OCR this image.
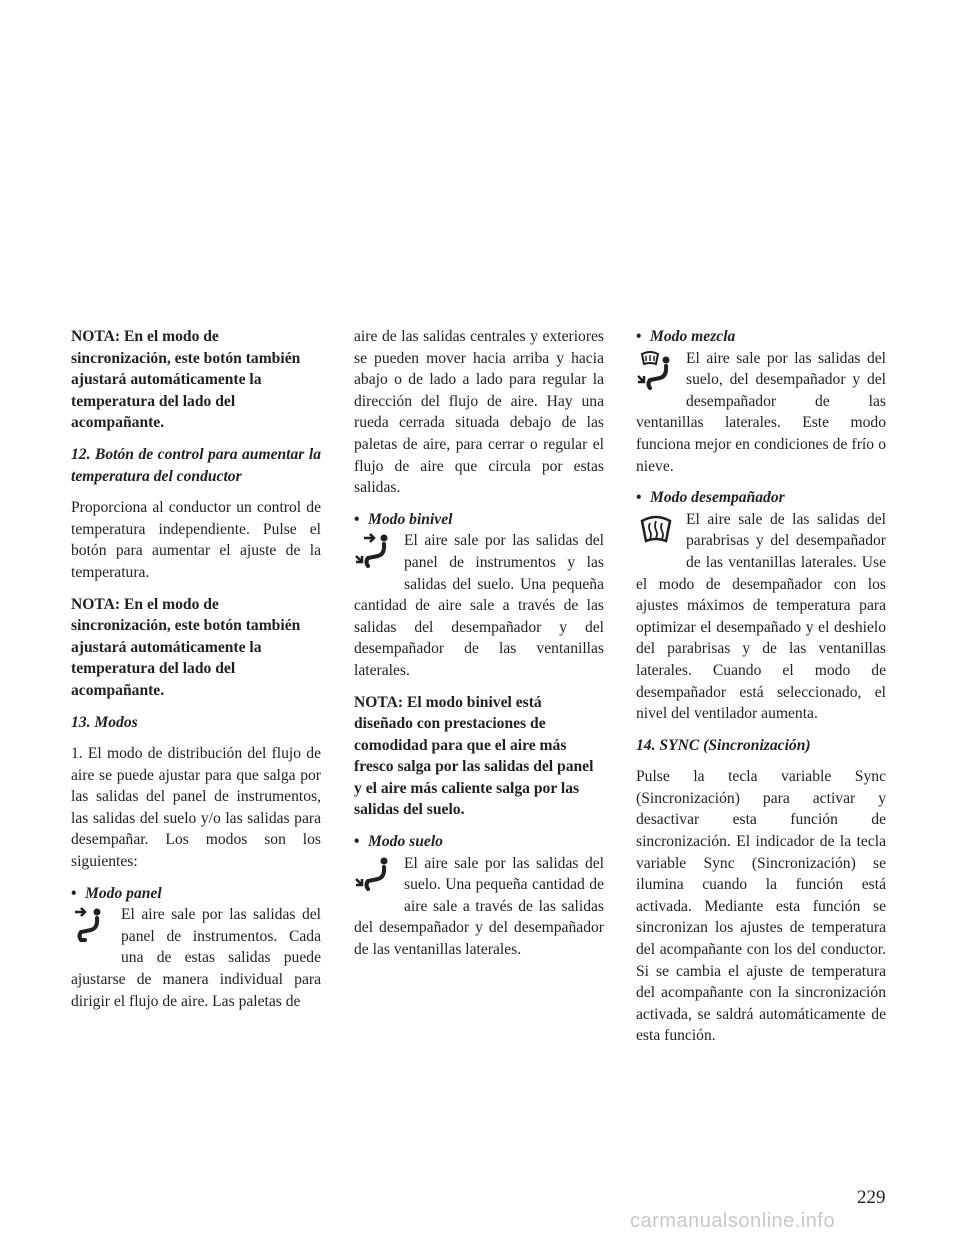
NOTA: En el modo de sincronización, este botón también ajustará automáticamente la temperatura del lado del acompañante.

12. Botón de control para aumentar la temperatura del conductor

Proporciona al conductor un control de temperatura independiente. Pulse el botón para aumentar el ajuste de la temperatura.

NOTA: En el modo de sincronización, este botón también ajustará automáticamente la temperatura del lado del acompañante.

13. Modos

1. El modo de distribución del flujo de aire se puede ajustar para que salga por las salidas del panel de instrumentos, las salidas del suelo y/o las salidas para desempañar. Los modos son los siguientes:

• Modo panel

El aire sale por las salidas del panel de instrumentos. Cada una de estas salidas puede ajustarse de manera individual para dirigir el flujo de aire. Las paletas de

aire de las salidas centrales y exteriores se pueden mover hacia arriba y hacia abajo o de lado a lado para regular la dirección del flujo de aire. Hay una rueda cerrada situada debajo de las paletas de aire, para cerrar o regular el flujo de aire que circula por estas salidas.

• Modo binivel

El aire sale por las salidas del panel de instrumentos y las salidas del suelo. Una pequeña cantidad de aire sale a través de las salidas del desempañador y del desempañador de las ventanillas laterales.

NOTA: El modo binivel está diseñado con prestaciones de comodidad para que el aire más fresco salga por las salidas del panel y el aire más caliente salga por las salidas del suelo.

• Modo suelo

El aire sale por las salidas del suelo. Una pequeña cantidad de aire sale a través de las salidas del desempañador y del desempañador de las ventanillas laterales.

• Modo mezcla

El aire sale por las salidas del suelo, del desempañador y del desempañador de las ventanillas laterales. Este modo funciona mejor en condiciones de frío o nieve.

• Modo desempañador

El aire sale de las salidas del parabrisas y del desempañador de las ventanillas laterales. Use el modo de desempañador con los ajustes máximos de temperatura para optimizar el desempañado y el deshielo del parabrisas y de las ventanillas laterales. Cuando el modo de desempañador está seleccionado, el nivel del ventilador aumenta.

14. SYNC (Sincronización)

Pulse la tecla variable Sync (Sincronización) para activar y desactivar esta función de sincronización. El indicador de la tecla variable Sync (Sincronización) se ilumina cuando la función está activada. Mediante esta función se sincronizan los ajustes de temperatura del acompañante con los del conductor. Si se cambia el ajuste de temperatura del acompañante con la sincronización activada, se saldrá automáticamente de esta función.

229
carmanualsonline.info
